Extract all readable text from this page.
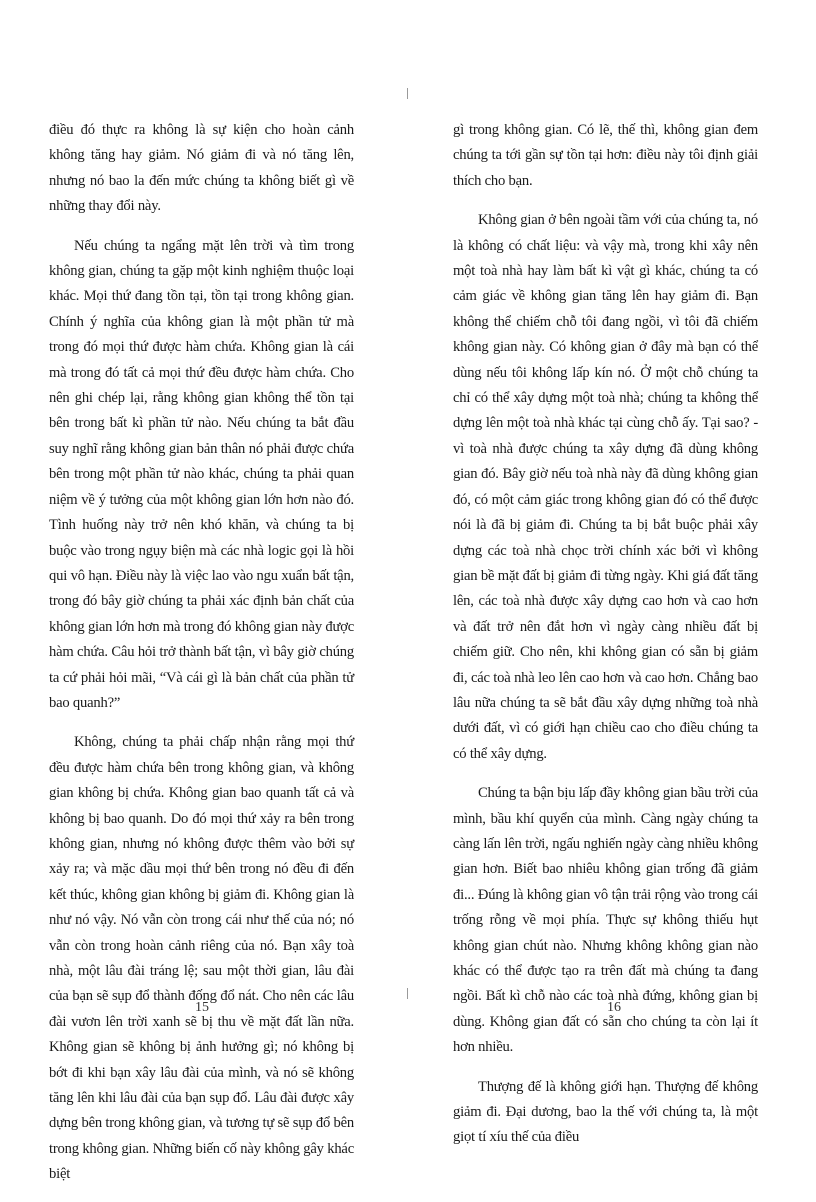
điều đó thực ra không là sự kiện cho hoàn cảnh không tăng hay giảm. Nó giảm đi và nó tăng lên, nhưng nó bao la đến mức chúng ta không biết gì về những thay đổi này.

Nếu chúng ta ngẩng mặt lên trời và tìm trong không gian, chúng ta gặp một kinh nghiệm thuộc loại khác. Mọi thứ đang tồn tại, tồn tại trong không gian. Chính ý nghĩa của không gian là một phần tử mà trong đó mọi thứ được hàm chứa. Không gian là cái mà trong đó tất cả mọi thứ đều được hàm chứa. Cho nên ghi chép lại, rằng không gian không thể tồn tại bên trong bất kì phần tử nào. Nếu chúng ta bắt đầu suy nghĩ rằng không gian bản thân nó phải được chứa bên trong một phần tử nào khác, chúng ta phải quan niệm về ý tưởng của một không gian lớn hơn nào đó. Tình huống này trở nên khó khăn, và chúng ta bị buộc vào trong ngụy biện mà các nhà logic gọi là hồi qui vô hạn. Điều này là việc lao vào ngu xuẩn bất tận, trong đó bây giờ chúng ta phải xác định bản chất của không gian lớn hơn mà trong đó không gian này được hàm chứa. Câu hỏi trở thành bất tận, vì bây giờ chúng ta cứ phải hỏi mãi, “Và cái gì là bản chất của phần tử bao quanh?”

Không, chúng ta phải chấp nhận rằng mọi thứ đều được hàm chứa bên trong không gian, và không gian không bị chứa. Không gian bao quanh tất cả và không bị bao quanh. Do đó mọi thứ xảy ra bên trong không gian, nhưng nó không được thêm vào bởi sự xảy ra; và mặc dầu mọi thứ bên trong nó đều đi đến kết thúc, không gian không bị giảm đi. Không gian là như nó vậy. Nó vẫn còn trong cái như thế của nó; nó vẫn còn trong hoàn cảnh riêng của nó. Bạn xây toà nhà, một lâu đài tráng lệ; sau một thời gian, lâu đài của bạn sẽ sụp đổ thành đống đổ nát. Cho nên các lâu đài vươn lên trời xanh sẽ bị thu về mặt đất lần nữa. Không gian sẽ không bị ảnh hưởng gì; nó không bị bớt đi khi bạn xây lâu đài của mình, và nó sẽ không tăng lên khi lâu đài của bạn sụp đổ. Lâu đài được xây dựng bên trong không gian, và tương tự sẽ sụp đổ bên trong không gian. Những biến cố này không gây khác biệt

gì trong không gian. Có lẽ, thế thì, không gian đem chúng ta tới gần sự tồn tại hơn: điều này tôi định giải thích cho bạn.

Không gian ở bên ngoài tầm với của chúng ta, nó là không có chất liệu: và vậy mà, trong khi xây nên một toà nhà hay làm bất kì vật gì khác, chúng ta có cảm giác về không gian tăng lên hay giảm đi. Bạn không thể chiếm chỗ tôi đang ngồi, vì tôi đã chiếm không gian này. Có không gian ở đây mà bạn có thể dùng nếu tôi không lấp kín nó. Ở một chỗ chúng ta chỉ có thể xây dựng một toà nhà; chúng ta không thể dựng lên một toà nhà khác tại cùng chỗ ấy. Tại sao? - vì toà nhà được chúng ta xây dựng đã dùng không gian đó. Bây giờ nếu toà nhà này đã dùng không gian đó, có một cảm giác trong không gian đó có thể được nói là đã bị giảm đi. Chúng ta bị bắt buộc phải xây dựng các toà nhà chọc trời chính xác bởi vì không gian bề mặt đất bị giảm đi từng ngày. Khi giá đất tăng lên, các toà nhà được xây dựng cao hơn và cao hơn và đất trở nên đắt hơn vì ngày càng nhiều đất bị chiếm giữ. Cho nên, khi không gian có sẵn bị giảm đi, các toà nhà leo lên cao hơn và cao hơn. Chẳng bao lâu nữa chúng ta sẽ bắt đầu xây dựng những toà nhà dưới đất, vì có giới hạn chiều cao cho điều chúng ta có thể xây dựng.

Chúng ta bận bịu lấp đầy không gian bầu trời của mình, bầu khí quyển của mình. Càng ngày chúng ta càng lấn lên trời, ngấu nghiến ngày càng nhiều không gian hơn. Biết bao nhiêu không gian trống đã giảm đi... Đúng là không gian vô tận trải rộng vào trong cái trống rỗng về mọi phía. Thực sự không thiếu hụt không gian chút nào. Nhưng không không gian nào khác có thể được tạo ra trên đất mà chúng ta đang ngồi. Bất kì chỗ nào các toà nhà đứng, không gian bị dùng. Không gian đất có sẵn cho chúng ta còn lại ít hơn nhiều.

Thượng đế là không giới hạn. Thượng đế không giảm đi. Đại dương, bao la thế với chúng ta, là một giọt tí xíu thế của điều

15	16
